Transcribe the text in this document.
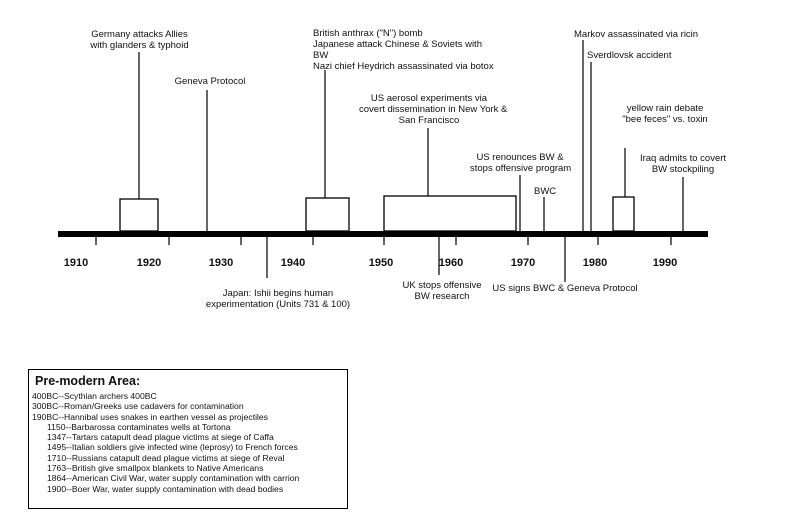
1910	1920	1930	1940	1950	1960	1970	1980	1990
Germany attacks Allies
with glanders & typhoid
Geneva Protocol
British anthrax ("N") bomb
Japanese attack Chinese & Soviets with
BW
Nazi chief Heydrich assassinated via botox
US aerosol experiments via
covert dissemination in New York &
San Francisco
US renounces BW &
stops offensive program
BWC
Markov assassinated via ricin
Sverdlovsk accident
yellow rain debate
"bee feces" vs. toxin
Iraq admits to covert
BW stockpiling
Japan: Ishii begins human
experimentation (Units 731 & 100)
UK stops offensive
BW research
US signs BWC & Geneva Protocol
Pre-modern Area:
400BC--Scythian archers 400BC
300BC--Roman/Greeks use cadavers for contamination
190BC--Hannibal uses snakes in earthen vessel as projectiles
1150--Barbarossa contaminates wells at Tortona
1347--Tartars catapult dead plague victims at siege of Caffa
1495--Italian soldiers give infected wine (leprosy) to French forces
1710--Russians catapult dead plague victims at siege of Reval
1763--British give smallpox blankets to Native Americans
1864--American Civil War, water supply contamination with carrion
1900--Boer War, water supply contamination with dead bodies
